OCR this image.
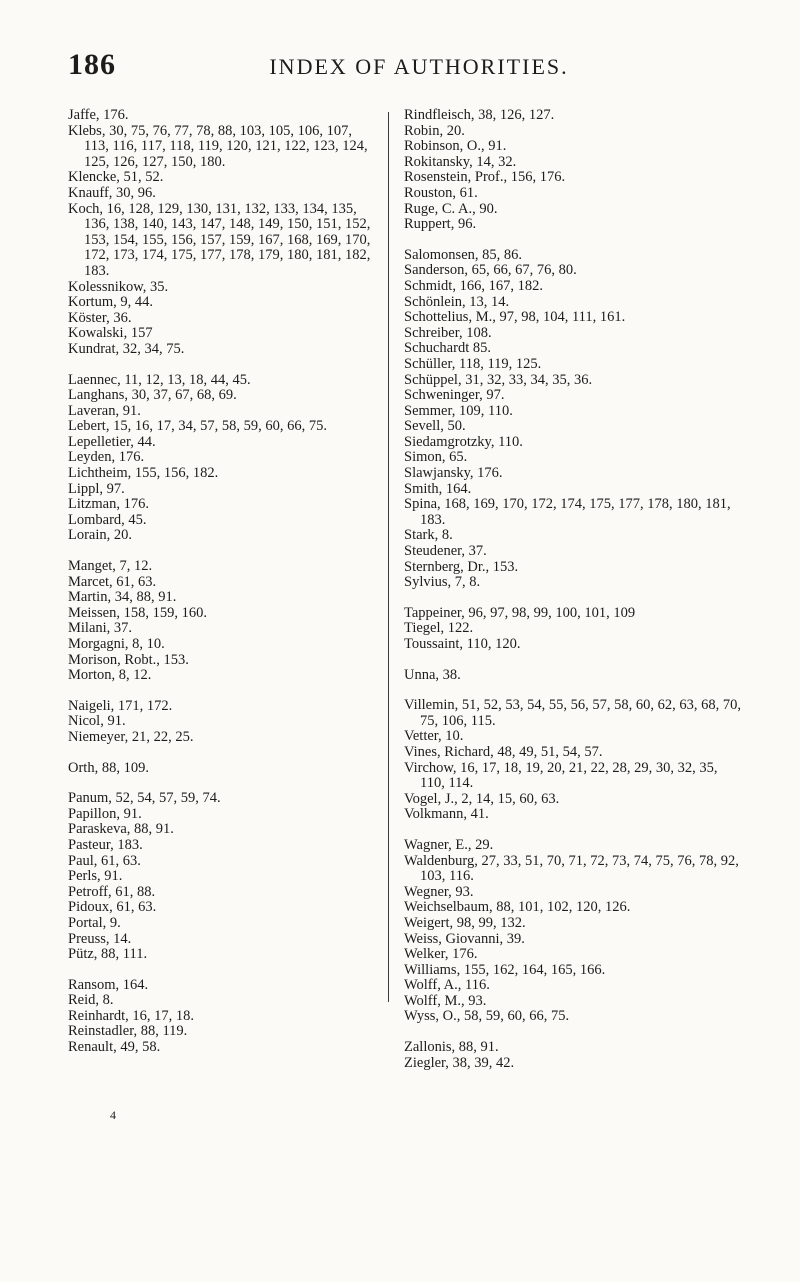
186	INDEX OF AUTHORITIES.
Jaffe, 176.
Klebs, 30, 75, 76, 77, 78, 88, 103, 105, 106, 107, 113, 116, 117, 118, 119, 120, 121, 122, 123, 124, 125, 126, 127, 150, 180.
Klencke, 51, 52.
Knauff, 30, 96.
Koch, 16, 128, 129, 130, 131, 132, 133, 134, 135, 136, 138, 140, 143, 147, 148, 149, 150, 151, 152, 153, 154, 155, 156, 157, 159, 167, 168, 169, 170, 172, 173, 174, 175, 177, 178, 179, 180, 181, 182, 183.
Kolessnikow, 35.
Kortum, 9, 44.
Köster, 36.
Kowalski, 157
Kundrat, 32, 34, 75.
Laennec, 11, 12, 13, 18, 44, 45.
Langhans, 30, 37, 67, 68, 69.
Laveran, 91.
Lebert, 15, 16, 17, 34, 57, 58, 59, 60, 66, 75.
Lepelletier, 44.
Leyden, 176.
Lichtheim, 155, 156, 182.
Lippl, 97.
Litzman, 176.
Lombard, 45.
Lorain, 20.
Manget, 7, 12.
Marcet, 61, 63.
Martin, 34, 88, 91.
Meissen, 158, 159, 160.
Milani, 37.
Morgagni, 8, 10.
Morison, Robt., 153.
Morton, 8, 12.
Naigeli, 171, 172.
Nicol, 91.
Niemeyer, 21, 22, 25.
Orth, 88, 109.
Panum, 52, 54, 57, 59, 74.
Papillon, 91.
Paraskeva, 88, 91.
Pasteur, 183.
Paul, 61, 63.
Perls, 91.
Petroff, 61, 88.
Pidoux, 61, 63.
Portal, 9.
Preuss, 14.
Pütz, 88, 111.
Ransom, 164.
Reid, 8.
Reinhardt, 16, 17, 18.
Reinstadler, 88, 119.
Renault, 49, 58.
Rindfleisch, 38, 126, 127.
Robin, 20.
Robinson, O., 91.
Rokitansky, 14, 32.
Rosenstein, Prof., 156, 176.
Rouston, 61.
Ruge, C. A., 90.
Ruppert, 96.
Salomonsen, 85, 86.
Sanderson, 65, 66, 67, 76, 80.
Schmidt, 166, 167, 182.
Schönlein, 13, 14.
Schottelius, M., 97, 98, 104, 111, 161.
Schreiber, 108.
Schuchardt 85.
Schüller, 118, 119, 125.
Schüppel, 31, 32, 33, 34, 35, 36.
Schweninger, 97.
Semmer, 109, 110.
Sevell, 50.
Siedamgrotzky, 110.
Simon, 65.
Slawjansky, 176.
Smith, 164.
Spina, 168, 169, 170, 172, 174, 175, 177, 178, 180, 181, 183.
Stark, 8.
Steudener, 37.
Sternberg, Dr., 153.
Sylvius, 7, 8.
Tappeiner, 96, 97, 98, 99, 100, 101, 109
Tiegel, 122.
Toussaint, 110, 120.
Unna, 38.
Villemin, 51, 52, 53, 54, 55, 56, 57, 58, 60, 62, 63, 68, 70, 75, 106, 115.
Vetter, 10.
Vines, Richard, 48, 49, 51, 54, 57.
Virchow, 16, 17, 18, 19, 20, 21, 22, 28, 29, 30, 32, 35, 110, 114.
Vogel, J., 2, 14, 15, 60, 63.
Volkmann, 41.
Wagner, E., 29.
Waldenburg, 27, 33, 51, 70, 71, 72, 73, 74, 75, 76, 78, 92, 103, 116.
Wegner, 93.
Weichselbaum, 88, 101, 102, 120, 126.
Weigert, 98, 99, 132.
Weiss, Giovanni, 39.
Welker, 176.
Williams, 155, 162, 164, 165, 166.
Wolff, A., 116.
Wolff, M., 93.
Wyss, O., 58, 59, 60, 66, 75.
Zallonis, 88, 91.
Ziegler, 38, 39, 42.
4
